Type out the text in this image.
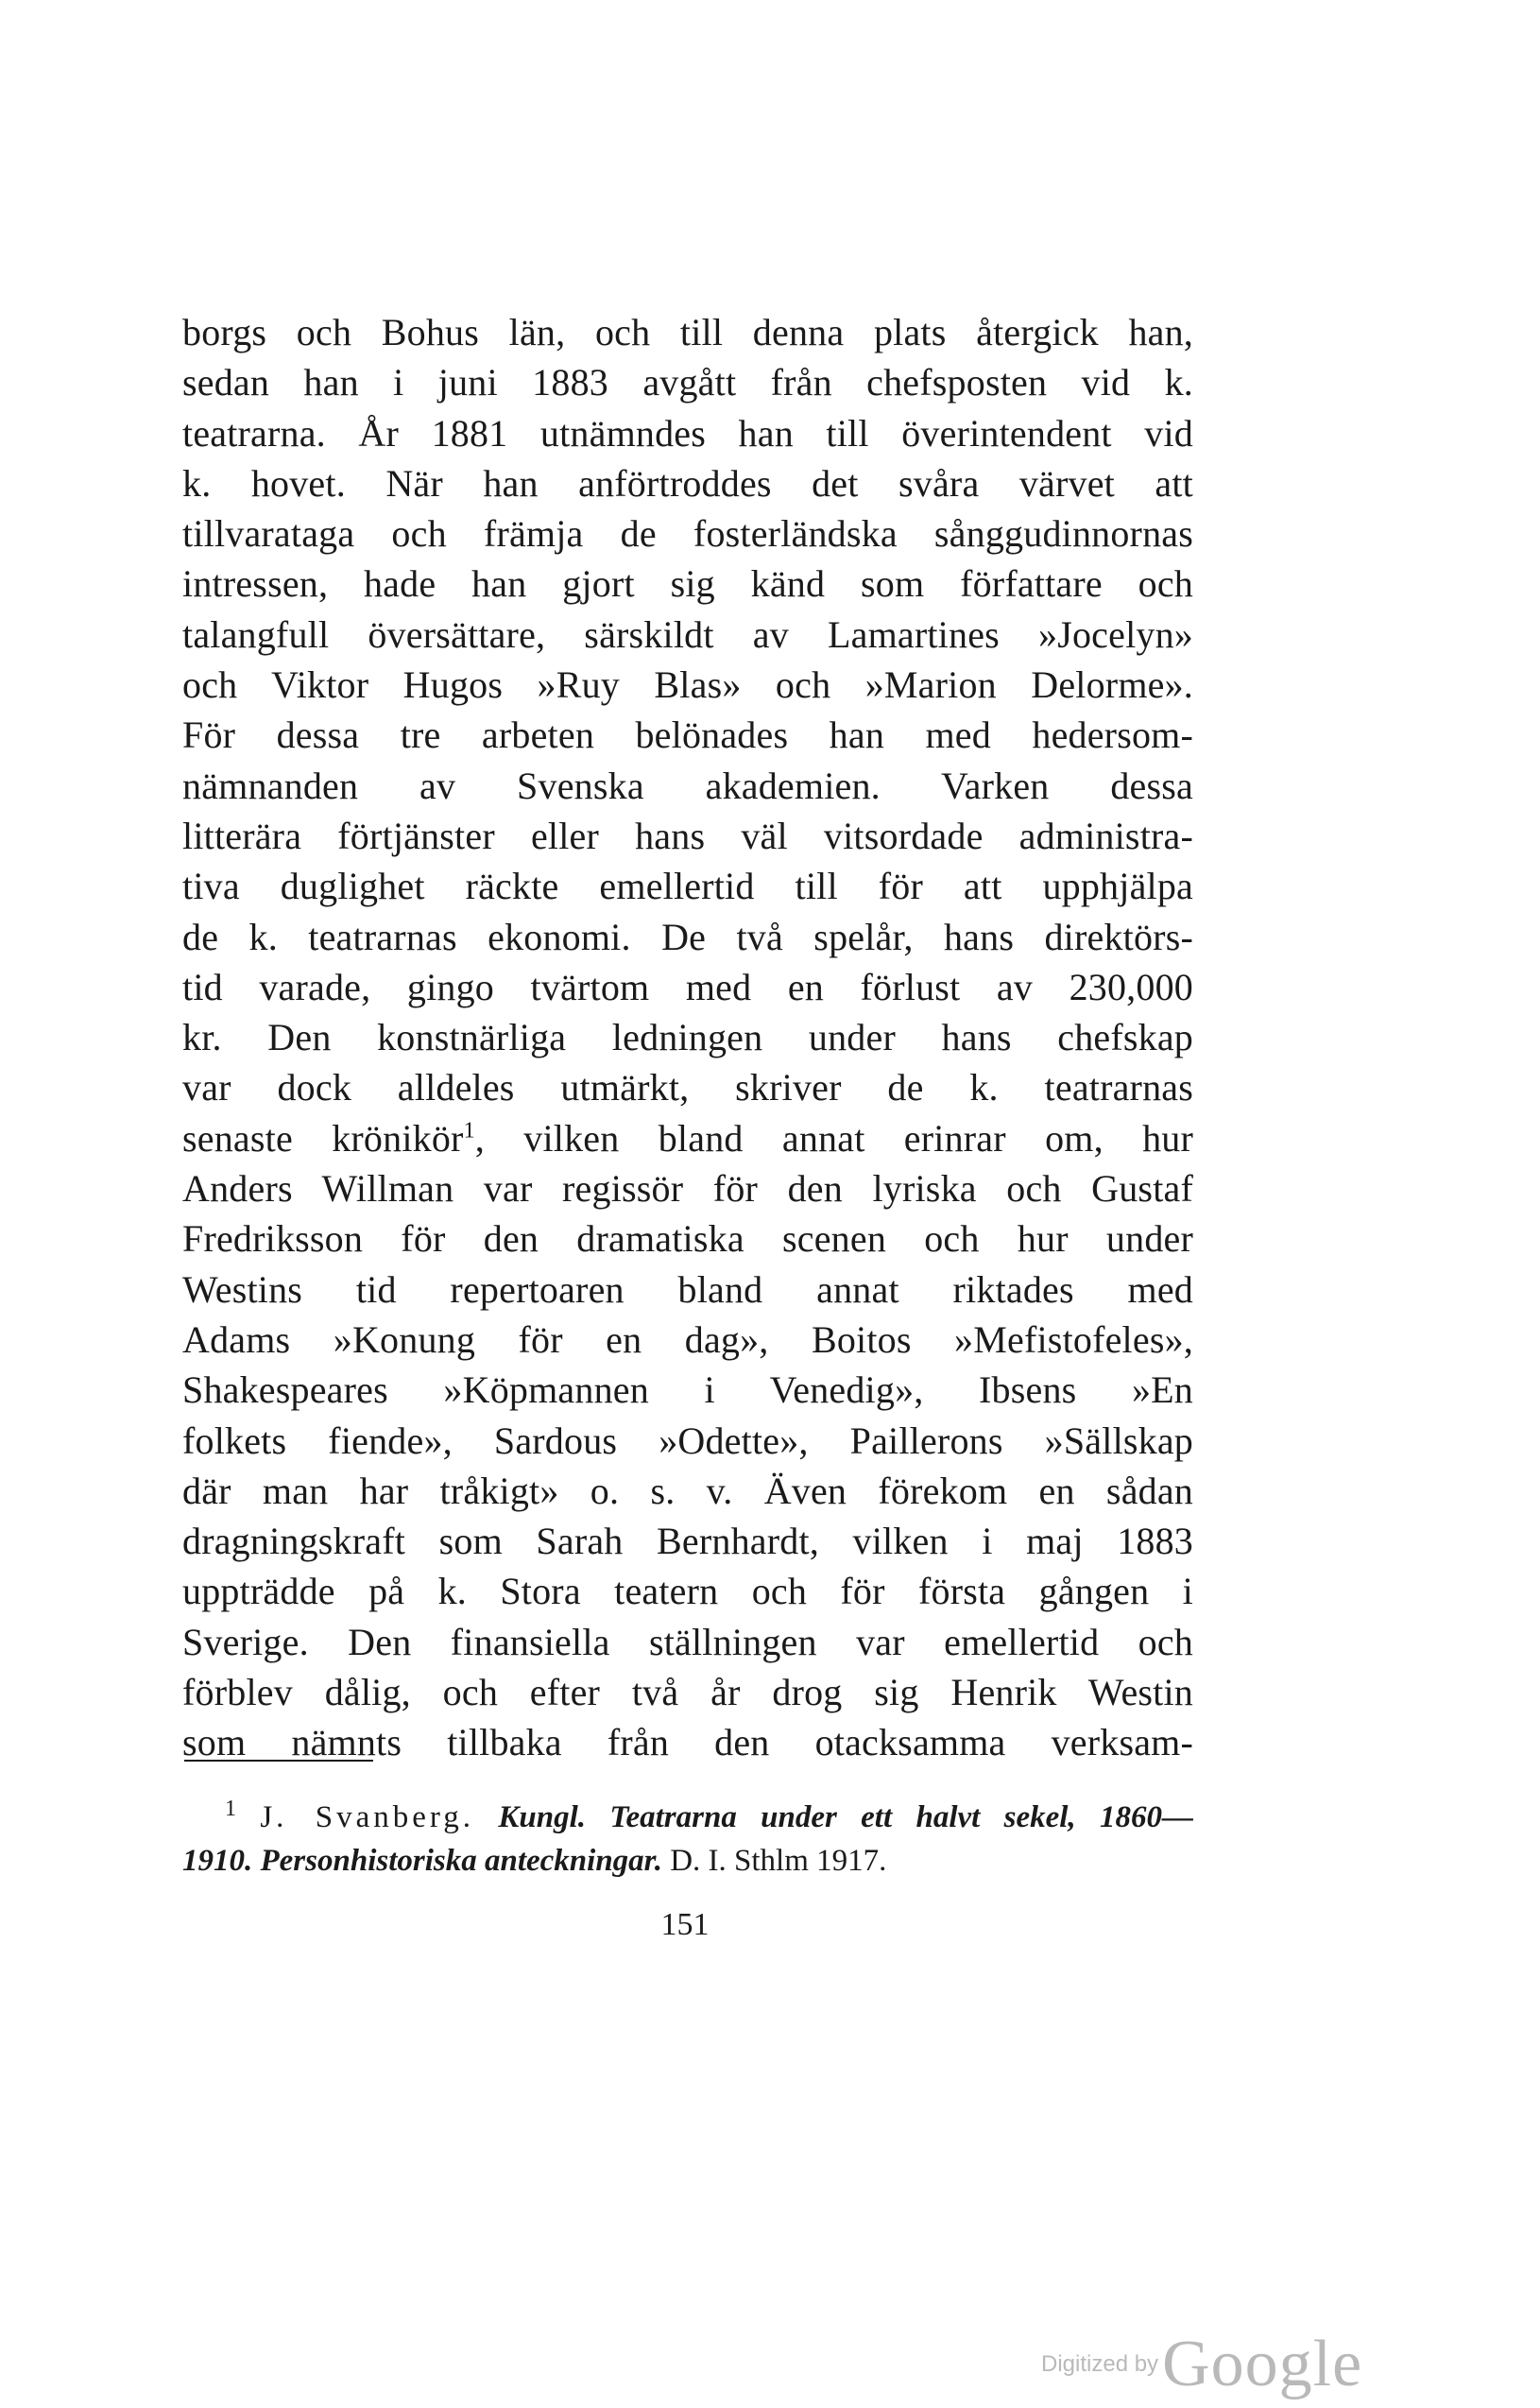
borgs och Bohus län, och till denna plats återgick han,
sedan han i juni 1883 avgått från chefsposten vid k.
teatrarna. År 1881 utnämndes han till överintendent vid
k. hovet. När han anförtroddes det svåra värvet att
tillvarataga och främja de fosterländska sånggudinnornas
intressen, hade han gjort sig känd som författare och
talangfull översättare, särskildt av Lamartines »Jocelyn»
och Viktor Hugos »Ruy Blas» och »Marion Delorme».
För dessa tre arbeten belönades han med hedersom-
nämnanden av Svenska akademien. Varken dessa
litterära förtjänster eller hans väl vitsordade administra-
tiva duglighet räckte emellertid till för att upphjälpa
de k. teatrarnas ekonomi. De två spelår, hans direktörs-
tid varade, gingo tvärtom med en förlust av 230,000
kr. Den konstnärliga ledningen under hans chefskap
var dock alldeles utmärkt, skriver de k. teatrarnas
senaste krönikör$^1$, vilken bland annat erinrar om, hur
Anders Willman var regissör för den lyriska och Gustaf
Fredriksson för den dramatiska scenen och hur under
Westins tid repertoaren bland annat riktades med
Adams »Konung för en dag», Boitos »Mefistofeles»,
Shakespeares »Köpmannen i Venedig», Ibsens »En
folkets fiende», Sardous »Odette», Paillerons »Sällskap
där man har tråkigt» o. s. v. Även förekom en sådan
dragningskraft som Sarah Bernhardt, vilken i maj 1883
uppträdde på k. Stora teatern och för första gången i
Sverige. Den finansiella ställningen var emellertid och
förblev dålig, och efter två år drog sig Henrik Westin
som nämnts tillbaka från den otacksamma verksam-
$^1$ J. Svanberg. Kungl. Teatrarna under ett halvt sekel, 1860—
1910. Personhistoriska anteckningar. D. I. Sthlm 1917.
151
Digitized by Google
